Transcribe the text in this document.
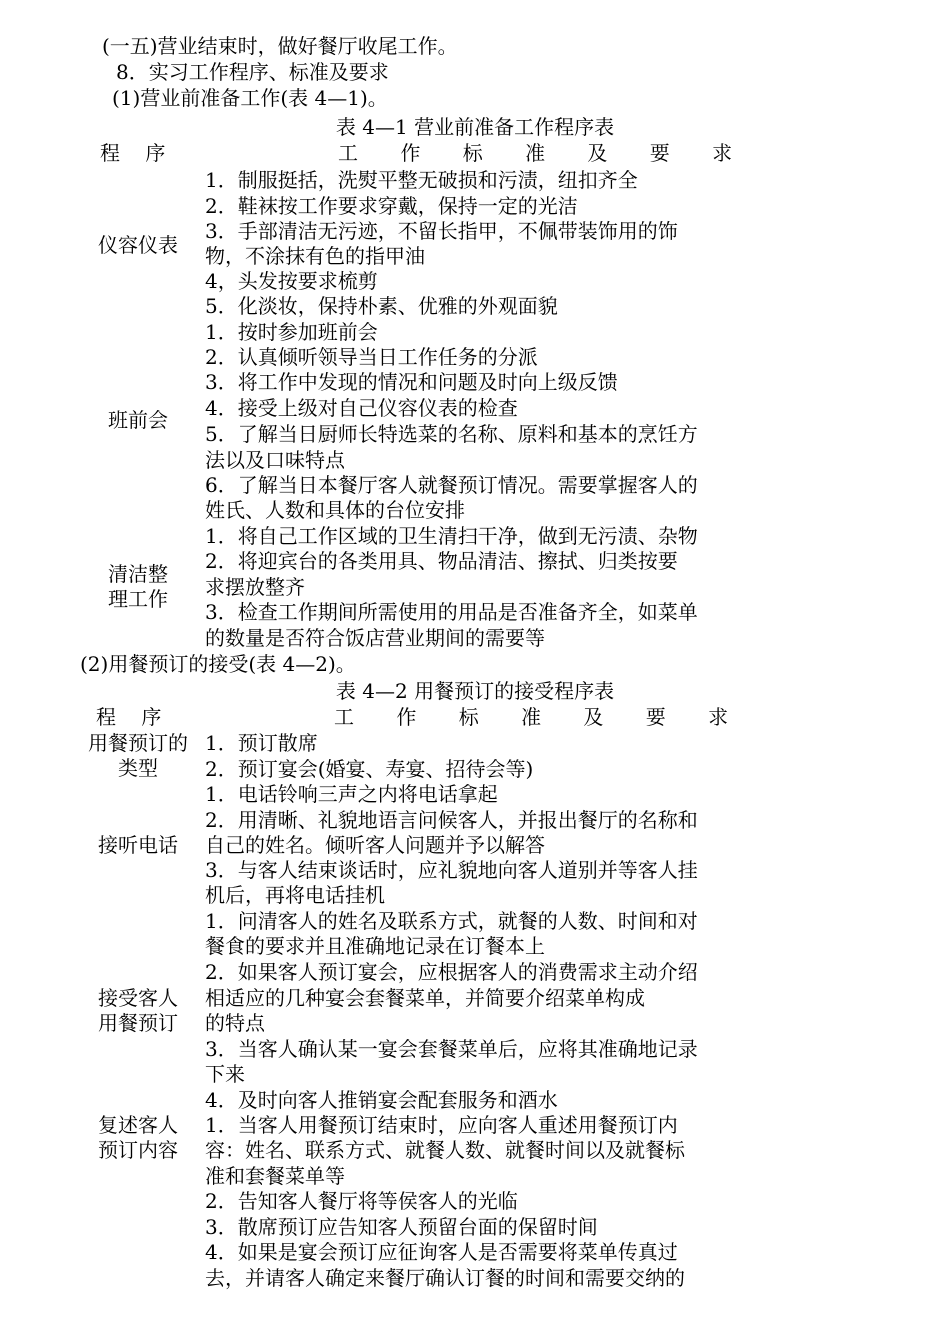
(一五)营业结束时，做好餐厅收尾工作。
8．实习工作程序、标准及要求
(1)营业前准备工作(表 4—1)。
表 4—1 营业前准备工作程序表
程    序	工 作 标 准 及 要 求
仪容仪表
1．制服挺括，洗熨平整无破损和污渍，纽扣齐全
2．鞋袜按工作要求穿戴，保持一定的光洁
3．手部清洁无污迹，不留长指甲，不佩带装饰用的饰
物，不涂抹有色的指甲油
4，头发按要求梳剪
5．化淡妆，保持朴素、优雅的外观面貌
班前会
1．按时参加班前会
2．认真倾听领导当日工作任务的分派
3．将工作中发现的情况和问题及时向上级反馈
4．接受上级对自己仪容仪表的检查
5．了解当日厨师长特选菜的名称、原料和基本的烹饪方
法以及口味特点
6．了解当日本餐厅客人就餐预订情况。需要掌握客人的
姓氏、人数和具体的台位安排
清洁整
理工作
1．将自己工作区域的卫生清扫干净，做到无污渍、杂物
2．将迎宾台的各类用具、物品清洁、擦拭、归类按要
求摆放整齐
3．检查工作期间所需使用的用品是否准备齐全，如菜单
的数量是否符合饭店营业期间的需要等
(2)用餐预订的接受(表 4—2)。
表 4—2 用餐预订的接受程序表
程    序	工 作 标 准 及 要 求
用餐预订的
类型
1．预订散席
2．预订宴会(婚宴、寿宴、招待会等)
接听电话
1．电话铃响三声之内将电话拿起
2．用清晰、礼貌地语言问候客人，并报出餐厅的名称和
自己的姓名。倾听客人问题并予以解答
3．与客人结束谈话时，应礼貌地向客人道别并等客人挂
机后，再将电话挂机
接受客人
用餐预订
1．问清客人的姓名及联系方式，就餐的人数、时间和对
餐食的要求并且准确地记录在订餐本上
2．如果客人预订宴会，应根据客人的消费需求主动介绍
相适应的几种宴会套餐菜单，并简要介绍菜单构成
的特点
3．当客人确认某一宴会套餐菜单后，应将其准确地记录
下来
4．及时向客人推销宴会配套服务和酒水
复述客人
预订内容
1．当客人用餐预订结束时，应向客人重述用餐预订内
容：姓名、联系方式、就餐人数、就餐时间以及就餐标
准和套餐菜单等
2．告知客人餐厅将等侯客人的光临
3．散席预订应告知客人预留台面的保留时间
4．如果是宴会预订应征询客人是否需要将菜单传真过
去，并请客人确定来餐厅确认订餐的时间和需要交纳的
